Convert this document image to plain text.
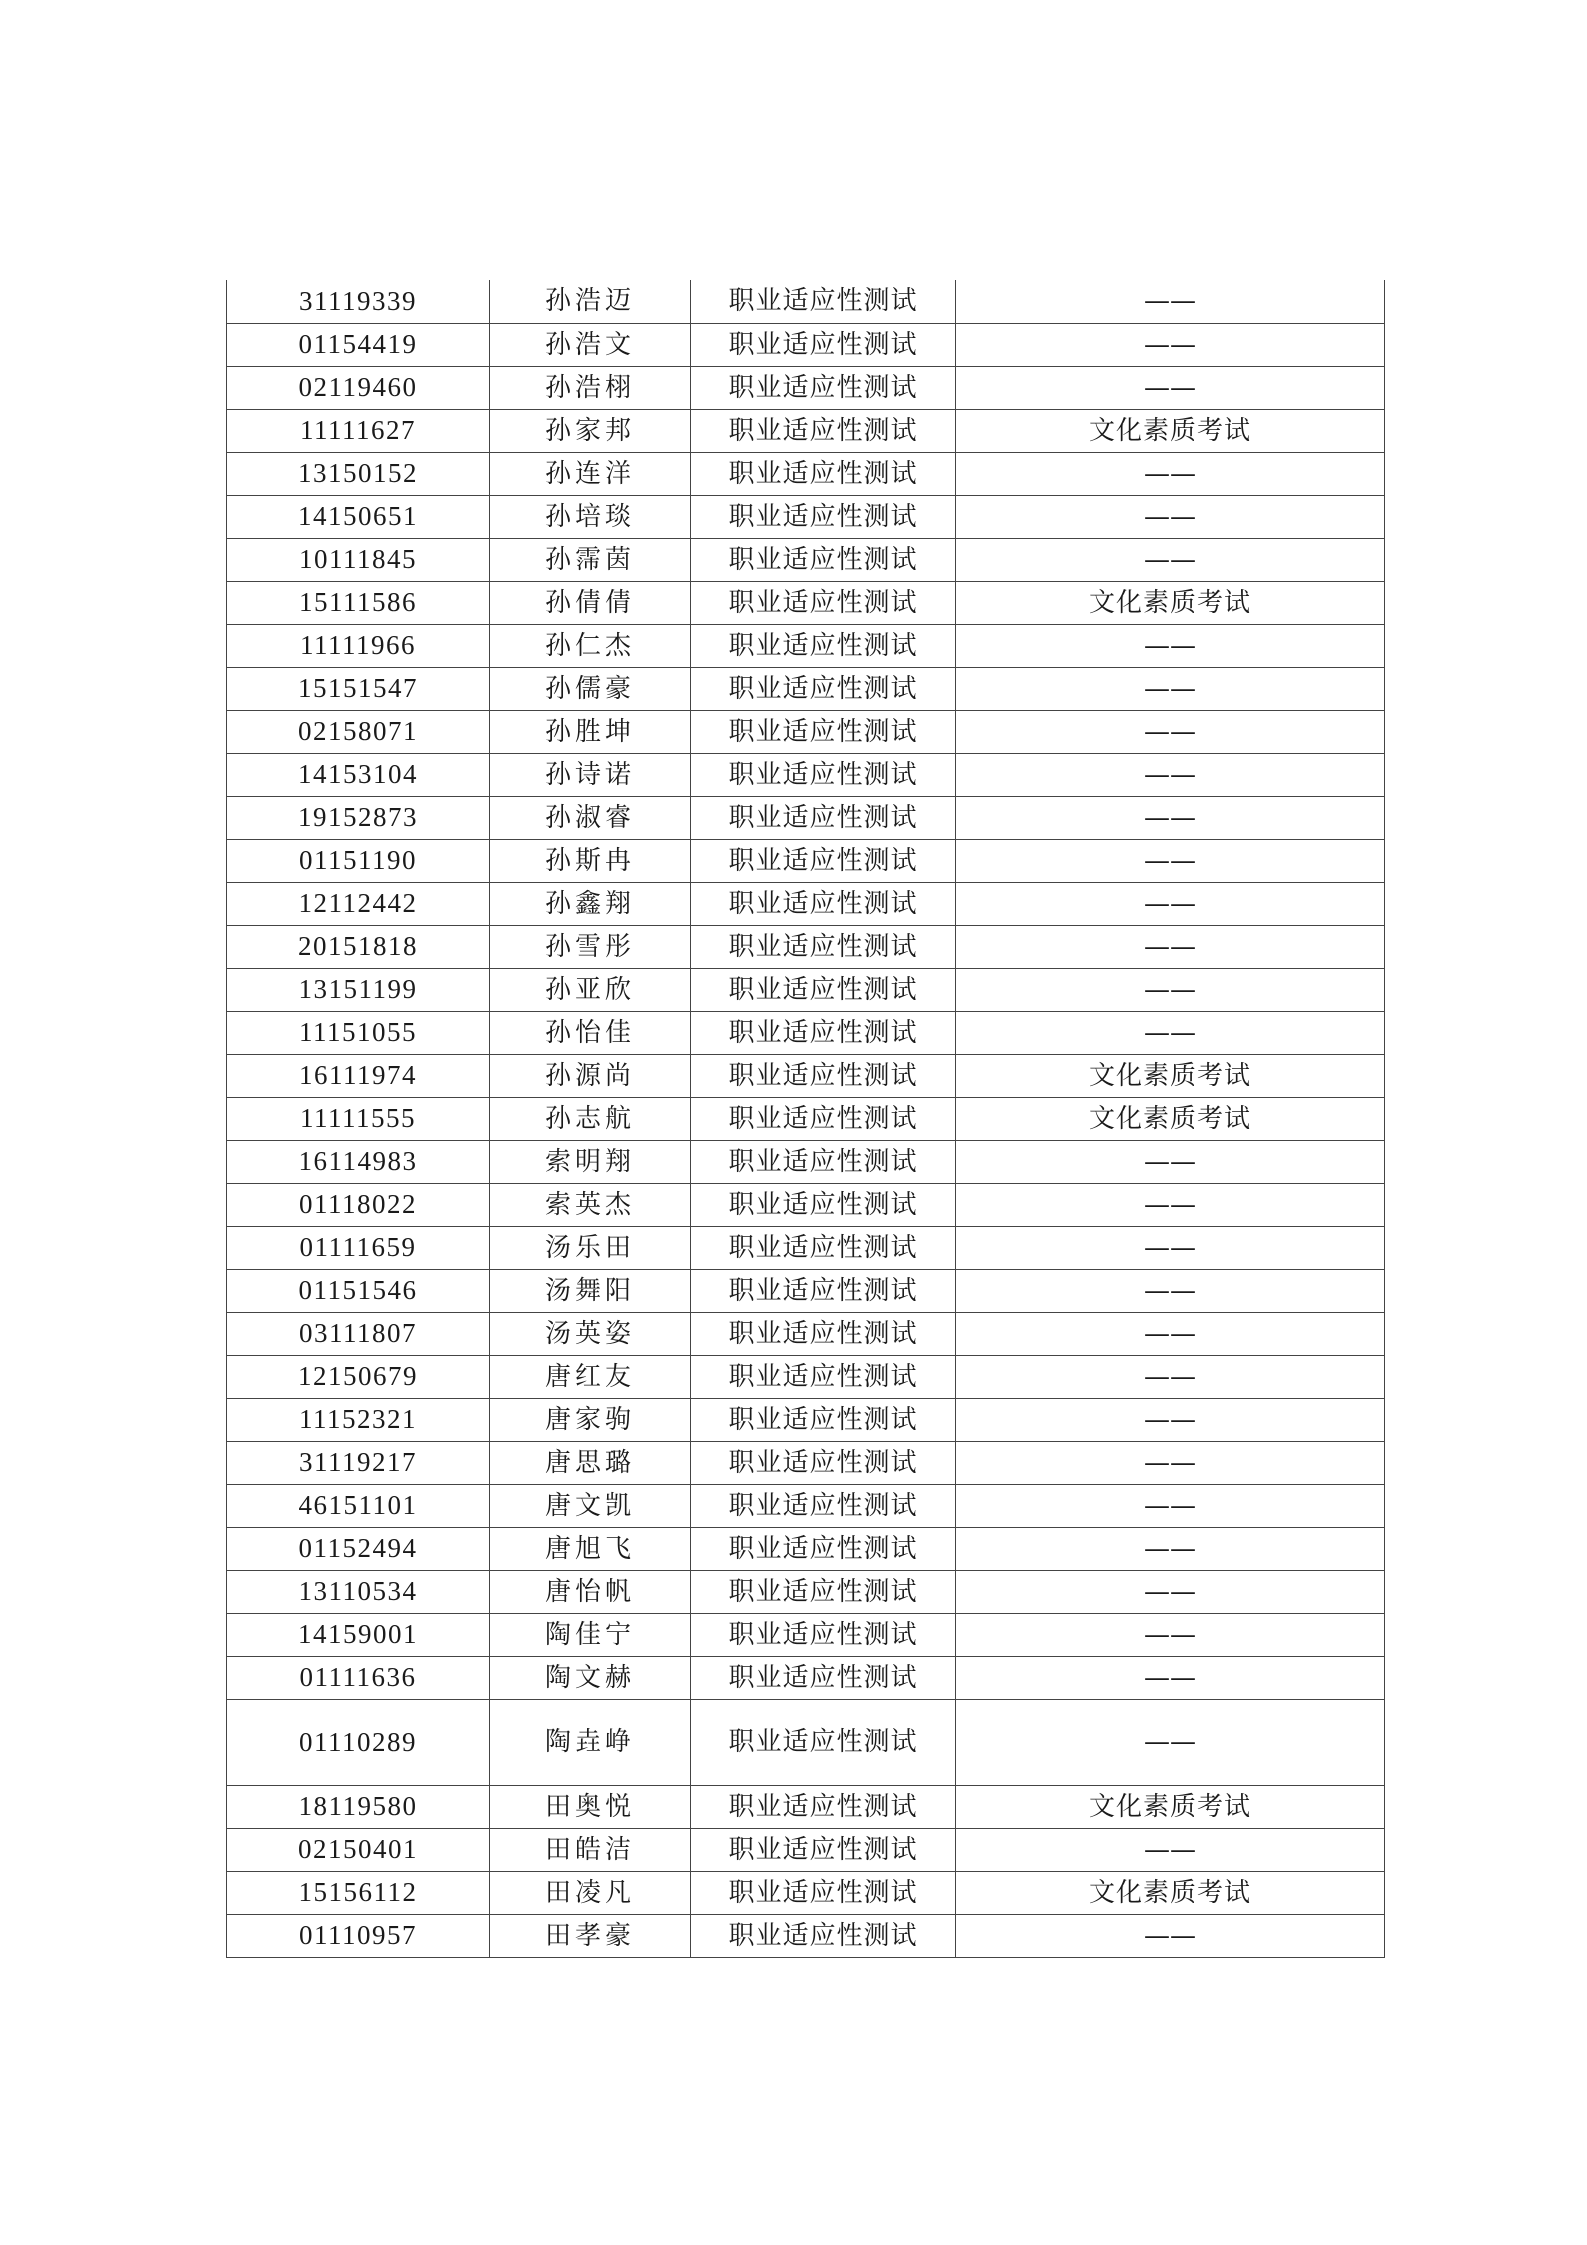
31119339	孙浩迈	职业适应性测试	——
01154419	孙浩文	职业适应性测试	——
02119460	孙浩栩	职业适应性测试	——
11111627	孙家邦	职业适应性测试	文化素质考试
13150152	孙连洋	职业适应性测试	——
14150651	孙培琰	职业适应性测试	——
10111845	孙霈茵	职业适应性测试	——
15111586	孙倩倩	职业适应性测试	文化素质考试
11111966	孙仁杰	职业适应性测试	——
15151547	孙儒豪	职业适应性测试	——
02158071	孙胜坤	职业适应性测试	——
14153104	孙诗诺	职业适应性测试	——
19152873	孙淑睿	职业适应性测试	——
01151190	孙斯冉	职业适应性测试	——
12112442	孙鑫翔	职业适应性测试	——
20151818	孙雪彤	职业适应性测试	——
13151199	孙亚欣	职业适应性测试	——
11151055	孙怡佳	职业适应性测试	——
16111974	孙源尚	职业适应性测试	文化素质考试
11111555	孙志航	职业适应性测试	文化素质考试
16114983	索明翔	职业适应性测试	——
01118022	索英杰	职业适应性测试	——
01111659	汤乐田	职业适应性测试	——
01151546	汤舞阳	职业适应性测试	——
03111807	汤英姿	职业适应性测试	——
12150679	唐红友	职业适应性测试	——
11152321	唐家驹	职业适应性测试	——
31119217	唐思璐	职业适应性测试	——
46151101	唐文凯	职业适应性测试	——
01152494	唐旭飞	职业适应性测试	——
13110534	唐怡帆	职业适应性测试	——
14159001	陶佳宁	职业适应性测试	——
01111636	陶文赫	职业适应性测试	——
01110289	陶垚峥	职业适应性测试	——
18119580	田奥悦	职业适应性测试	文化素质考试
02150401	田皓洁	职业适应性测试	——
15156112	田凌凡	职业适应性测试	文化素质考试
01110957	田孝豪	职业适应性测试	——
